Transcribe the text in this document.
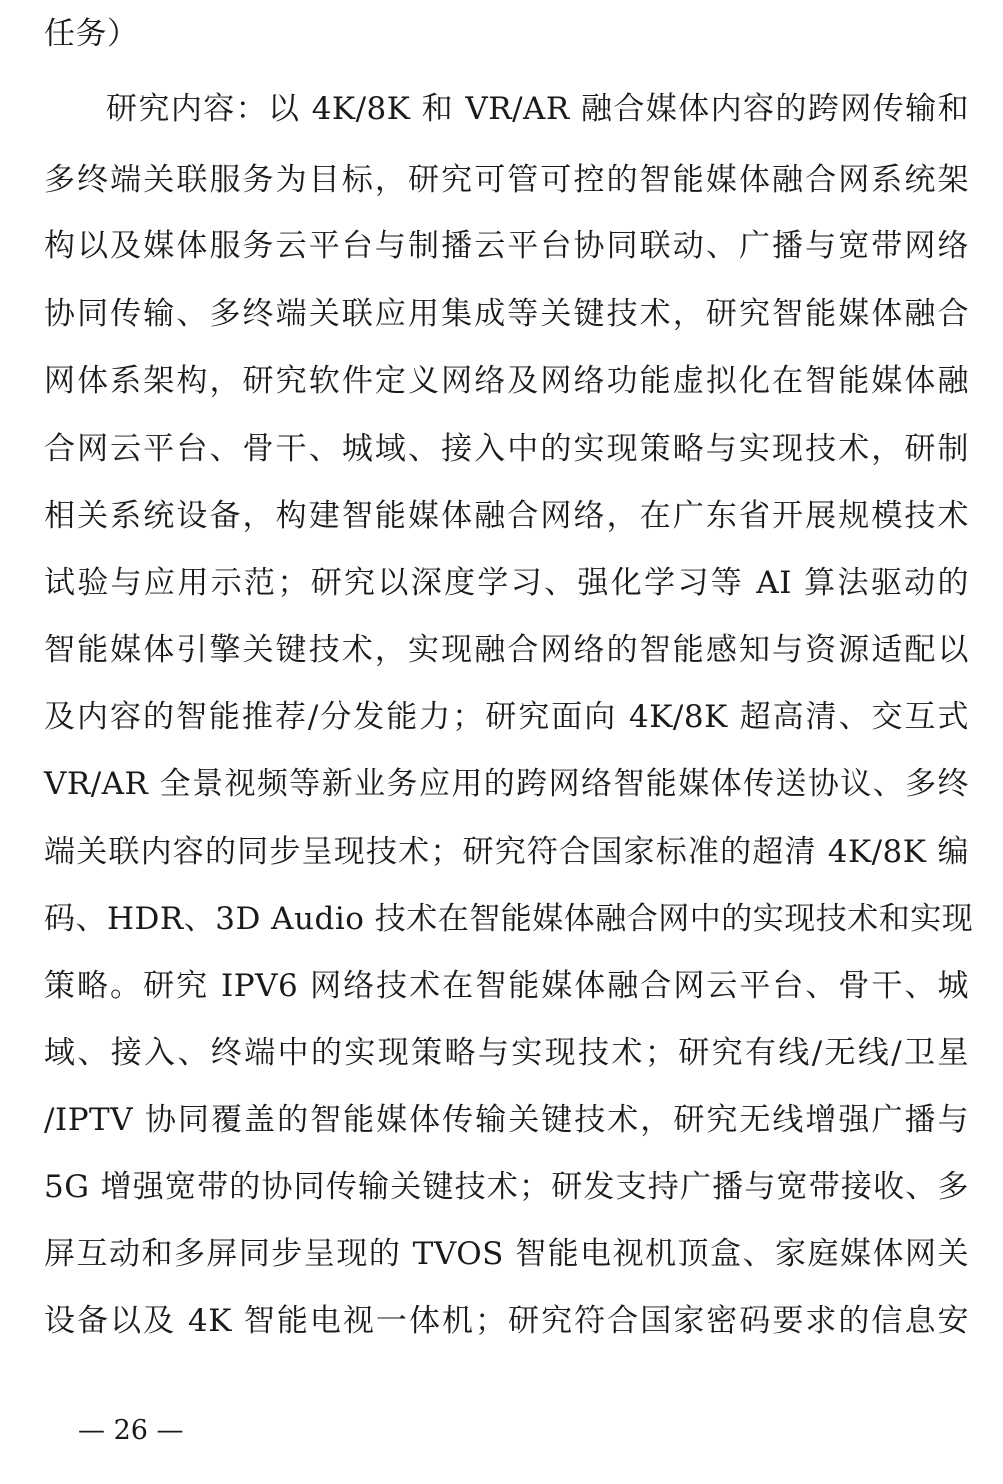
任务）
研究内容：以 4K/8K 和 VR/AR 融合媒体内容的跨网传输和
多终端关联服务为目标，研究可管可控的智能媒体融合网系统架
构以及媒体服务云平台与制播云平台协同联动、广播与宽带网络
协同传输、多终端关联应用集成等关键技术，研究智能媒体融合
网体系架构，研究软件定义网络及网络功能虚拟化在智能媒体融
合网云平台、骨干、城域、接入中的实现策略与实现技术，研制
相关系统设备，构建智能媒体融合网络，在广东省开展规模技术
试验与应用示范；研究以深度学习、强化学习等 AI 算法驱动的
智能媒体引擎关键技术，实现融合网络的智能感知与资源适配以
及内容的智能推荐/分发能力；研究面向 4K/8K 超高清、交互式
VR/AR 全景视频等新业务应用的跨网络智能媒体传送协议、多终
端关联内容的同步呈现技术；研究符合国家标准的超清 4K/8K 编
码、HDR、3D Audio 技术在智能媒体融合网中的实现技术和实现
策略。研究 IPV6 网络技术在智能媒体融合网云平台、骨干、城
域、接入、终端中的实现策略与实现技术；研究有线/无线/卫星
/IPTV 协同覆盖的智能媒体传输关键技术，研究无线增强广播与
5G 增强宽带的协同传输关键技术；研发支持广播与宽带接收、多
屏互动和多屏同步呈现的 TVOS 智能电视机顶盒、家庭媒体网关
设备以及 4K 智能电视一体机；研究符合国家密码要求的信息安
— 26 —
